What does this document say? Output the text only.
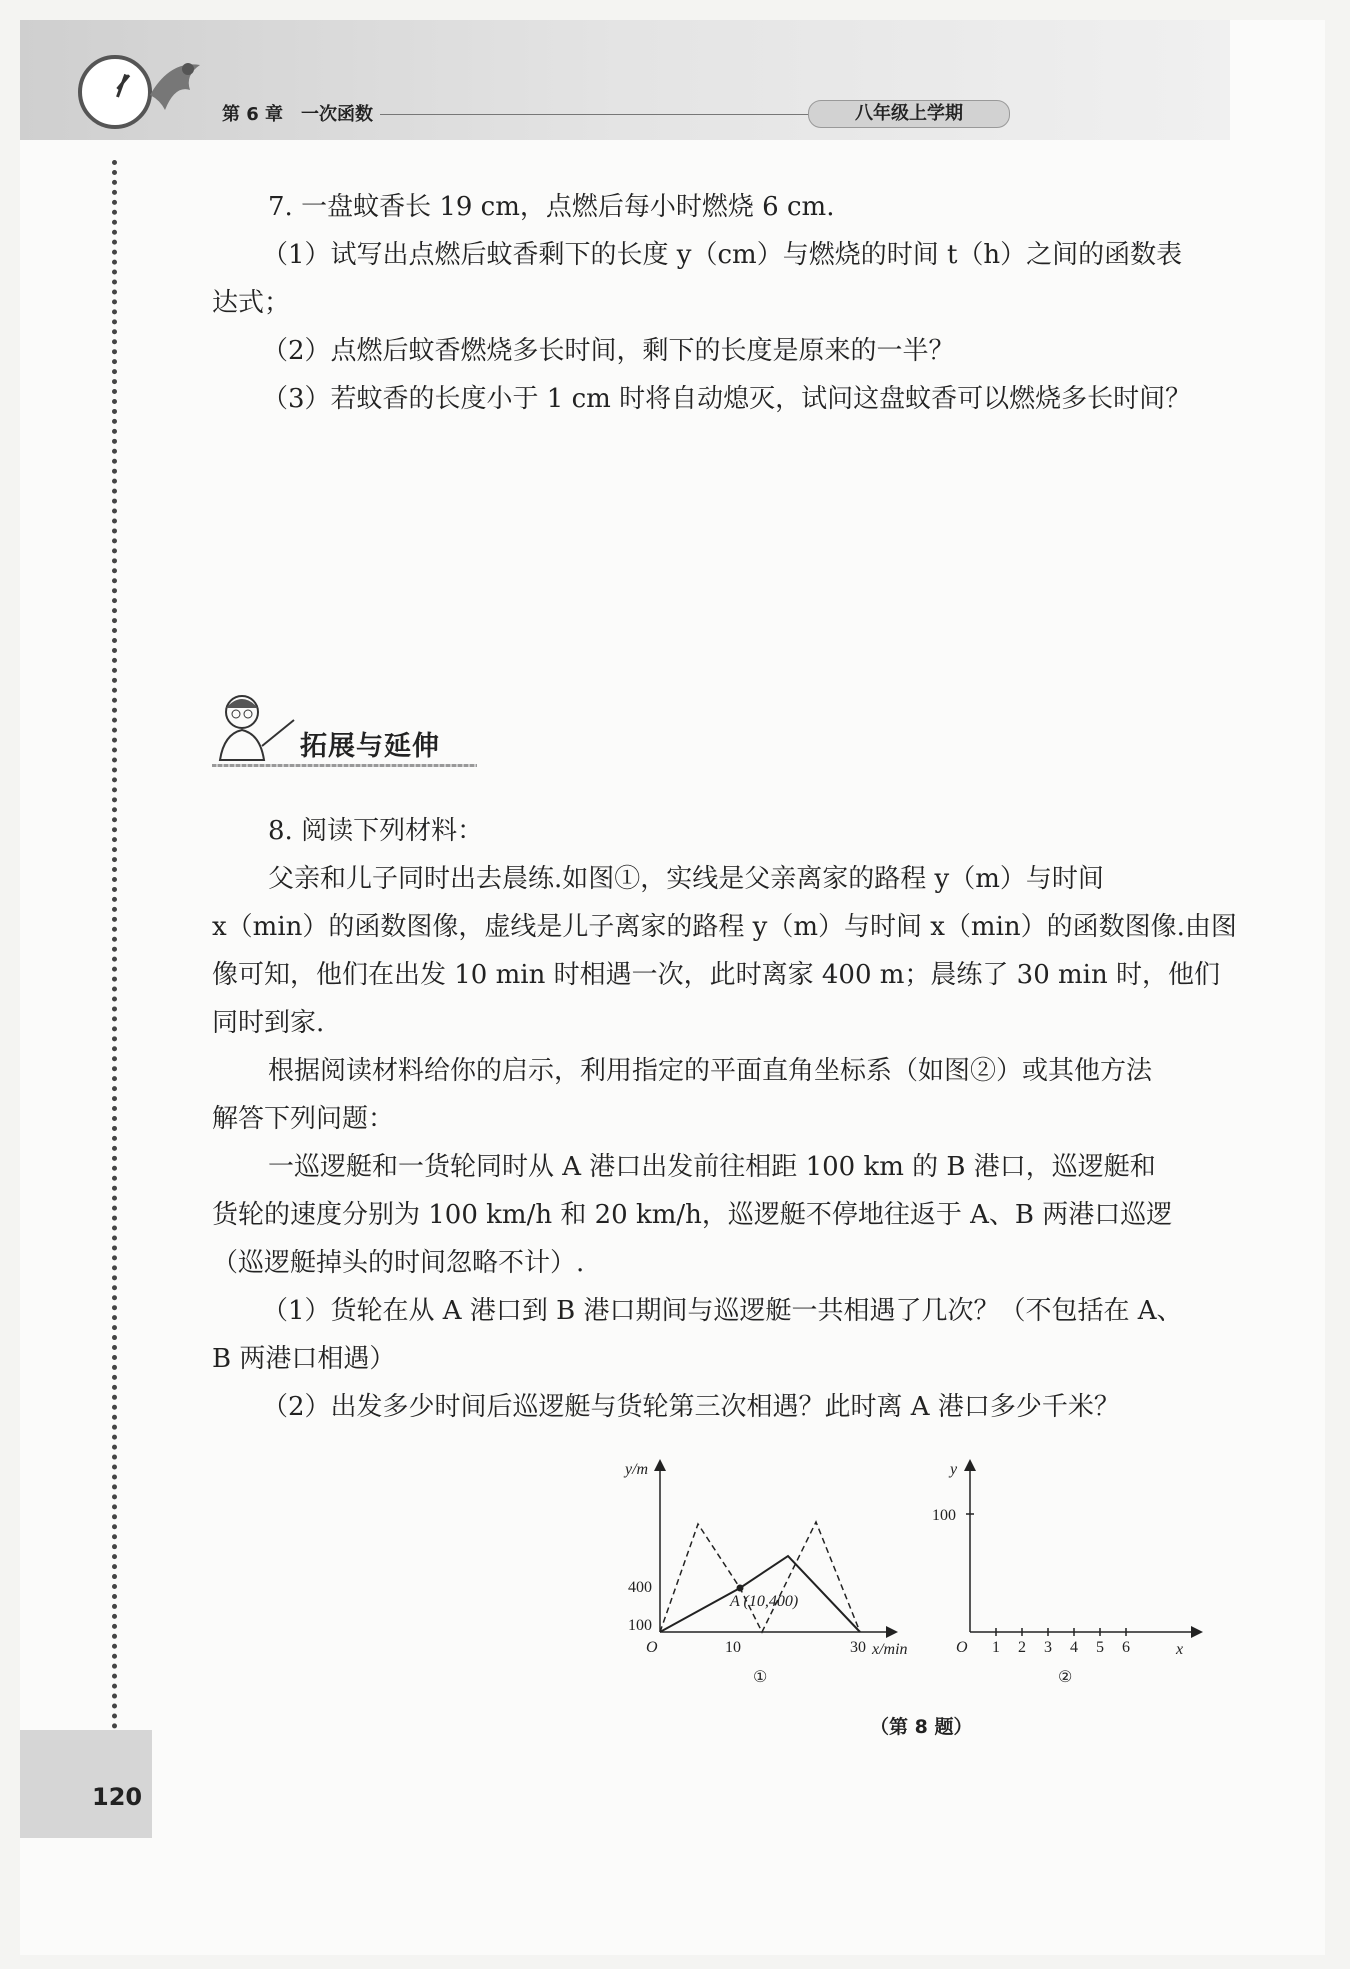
第 6 章　一次函数	八年级上学期
7. 一盘蚊香长 19 cm，点燃后每小时燃烧 6 cm.
（1）试写出点燃后蚊香剩下的长度 y（cm）与燃烧的时间 t（h）之间的函数表
达式；
（2）点燃后蚊香燃烧多长时间，剩下的长度是原来的一半？
（3）若蚊香的长度小于 1 cm 时将自动熄灭，试问这盘蚊香可以燃烧多长时间？
拓展与延伸
8. 阅读下列材料：
父亲和儿子同时出去晨练.如图①，实线是父亲离家的路程 y（m）与时间
x（min）的函数图像，虚线是儿子离家的路程 y（m）与时间 x（min）的函数图像.由图
像可知，他们在出发 10 min 时相遇一次，此时离家 400 m；晨练了 30 min 时，他们
同时到家.
根据阅读材料给你的启示，利用指定的平面直角坐标系（如图②）或其他方法
解答下列问题：
一巡逻艇和一货轮同时从 A 港口出发前往相距 100 km 的 B 港口，巡逻艇和
货轮的速度分别为 100 km/h 和 20 km/h，巡逻艇不停地往返于 A、B 两港口巡逻
（巡逻艇掉头的时间忽略不计）.
（1）货轮在从 A 港口到 B 港口期间与巡逻艇一共相遇了几次？（不包括在 A、
B 两港口相遇）
（2）出发多少时间后巡逻艇与货轮第三次相遇？此时离 A 港口多少千米？
y/m
x/min
O
400
100
10	30
A (10,400)
①
y
x
O
100
1 2 3 4 5 6
②
（第 8 题）
120
